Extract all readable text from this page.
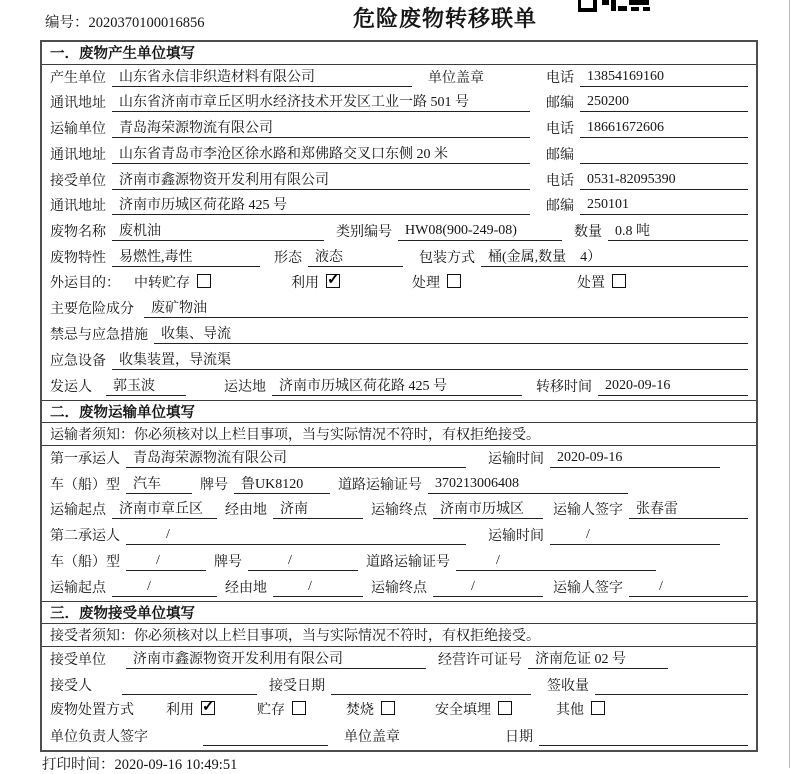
编号：2020370100016856	危险废物转移联单
一．废物产生单位填写
产生单位 山东省永信非织造材料有限公司	单位盖章	电话 13854169160
通讯地址 山东省济南市章丘区明水经济技术开发区工业一路 501 号	邮编 250200
运输单位 青岛海荣源物流有限公司	电话 18661672606
通讯地址 山东省青岛市李沧区徐水路和郑佛路交叉口东侧 20 米	邮编
接受单位 济南市鑫源物资开发利用有限公司	电话 0531-82095390
通讯地址 济南市历城区荷花路 425 号	邮编 250101
废物名称 废机油	类别编号 HW08(900-249-08)	数量 0.8 吨
废物特性 易燃性,毒性	形态 液态	包装方式 桶(金属,数量　4）
外运目的： 中转贮存	利用 ✓	处理	处置
主要危险成分	废矿物油
禁忌与应急措施 收集、导流
应急设备 收集装置，导流渠
发运人	郭玉波	运达地 济南市历城区荷花路 425 号	转移时间 2020-09-16
二．废物运输单位填写
运输者须知：你必须核对以上栏目事项，当与实际情况不符时，有权拒绝接受。
第一承运人 青岛海荣源物流有限公司	运输时间 2020-09-16
车（船）型 汽车	牌号 鲁UK8120	道路运输证号 370213006408
运输起点 济南市章丘区	经由地 济南	运输终点 济南市历城区	运输人签字 张春雷
第二承运人	/	运输时间	/
车（船）型	/	牌号	/	道路运输证号	/
运输起点	/	经由地	/	运输终点	/	运输人签字	/
三．废物接受单位填写
接受者须知：你必须核对以上栏目事项，当与实际情况不符时，有权拒绝接受。
接受单位	济南市鑫源物资开发利用有限公司	经营许可证号 济南危证 02 号
接受人	接受日期	签收量
废物处置方式 利用 ✓	贮存	焚烧	安全填埋	其他
单位负责人签字	单位盖章	日期
打印时间：2020-09-16 10:49:51
